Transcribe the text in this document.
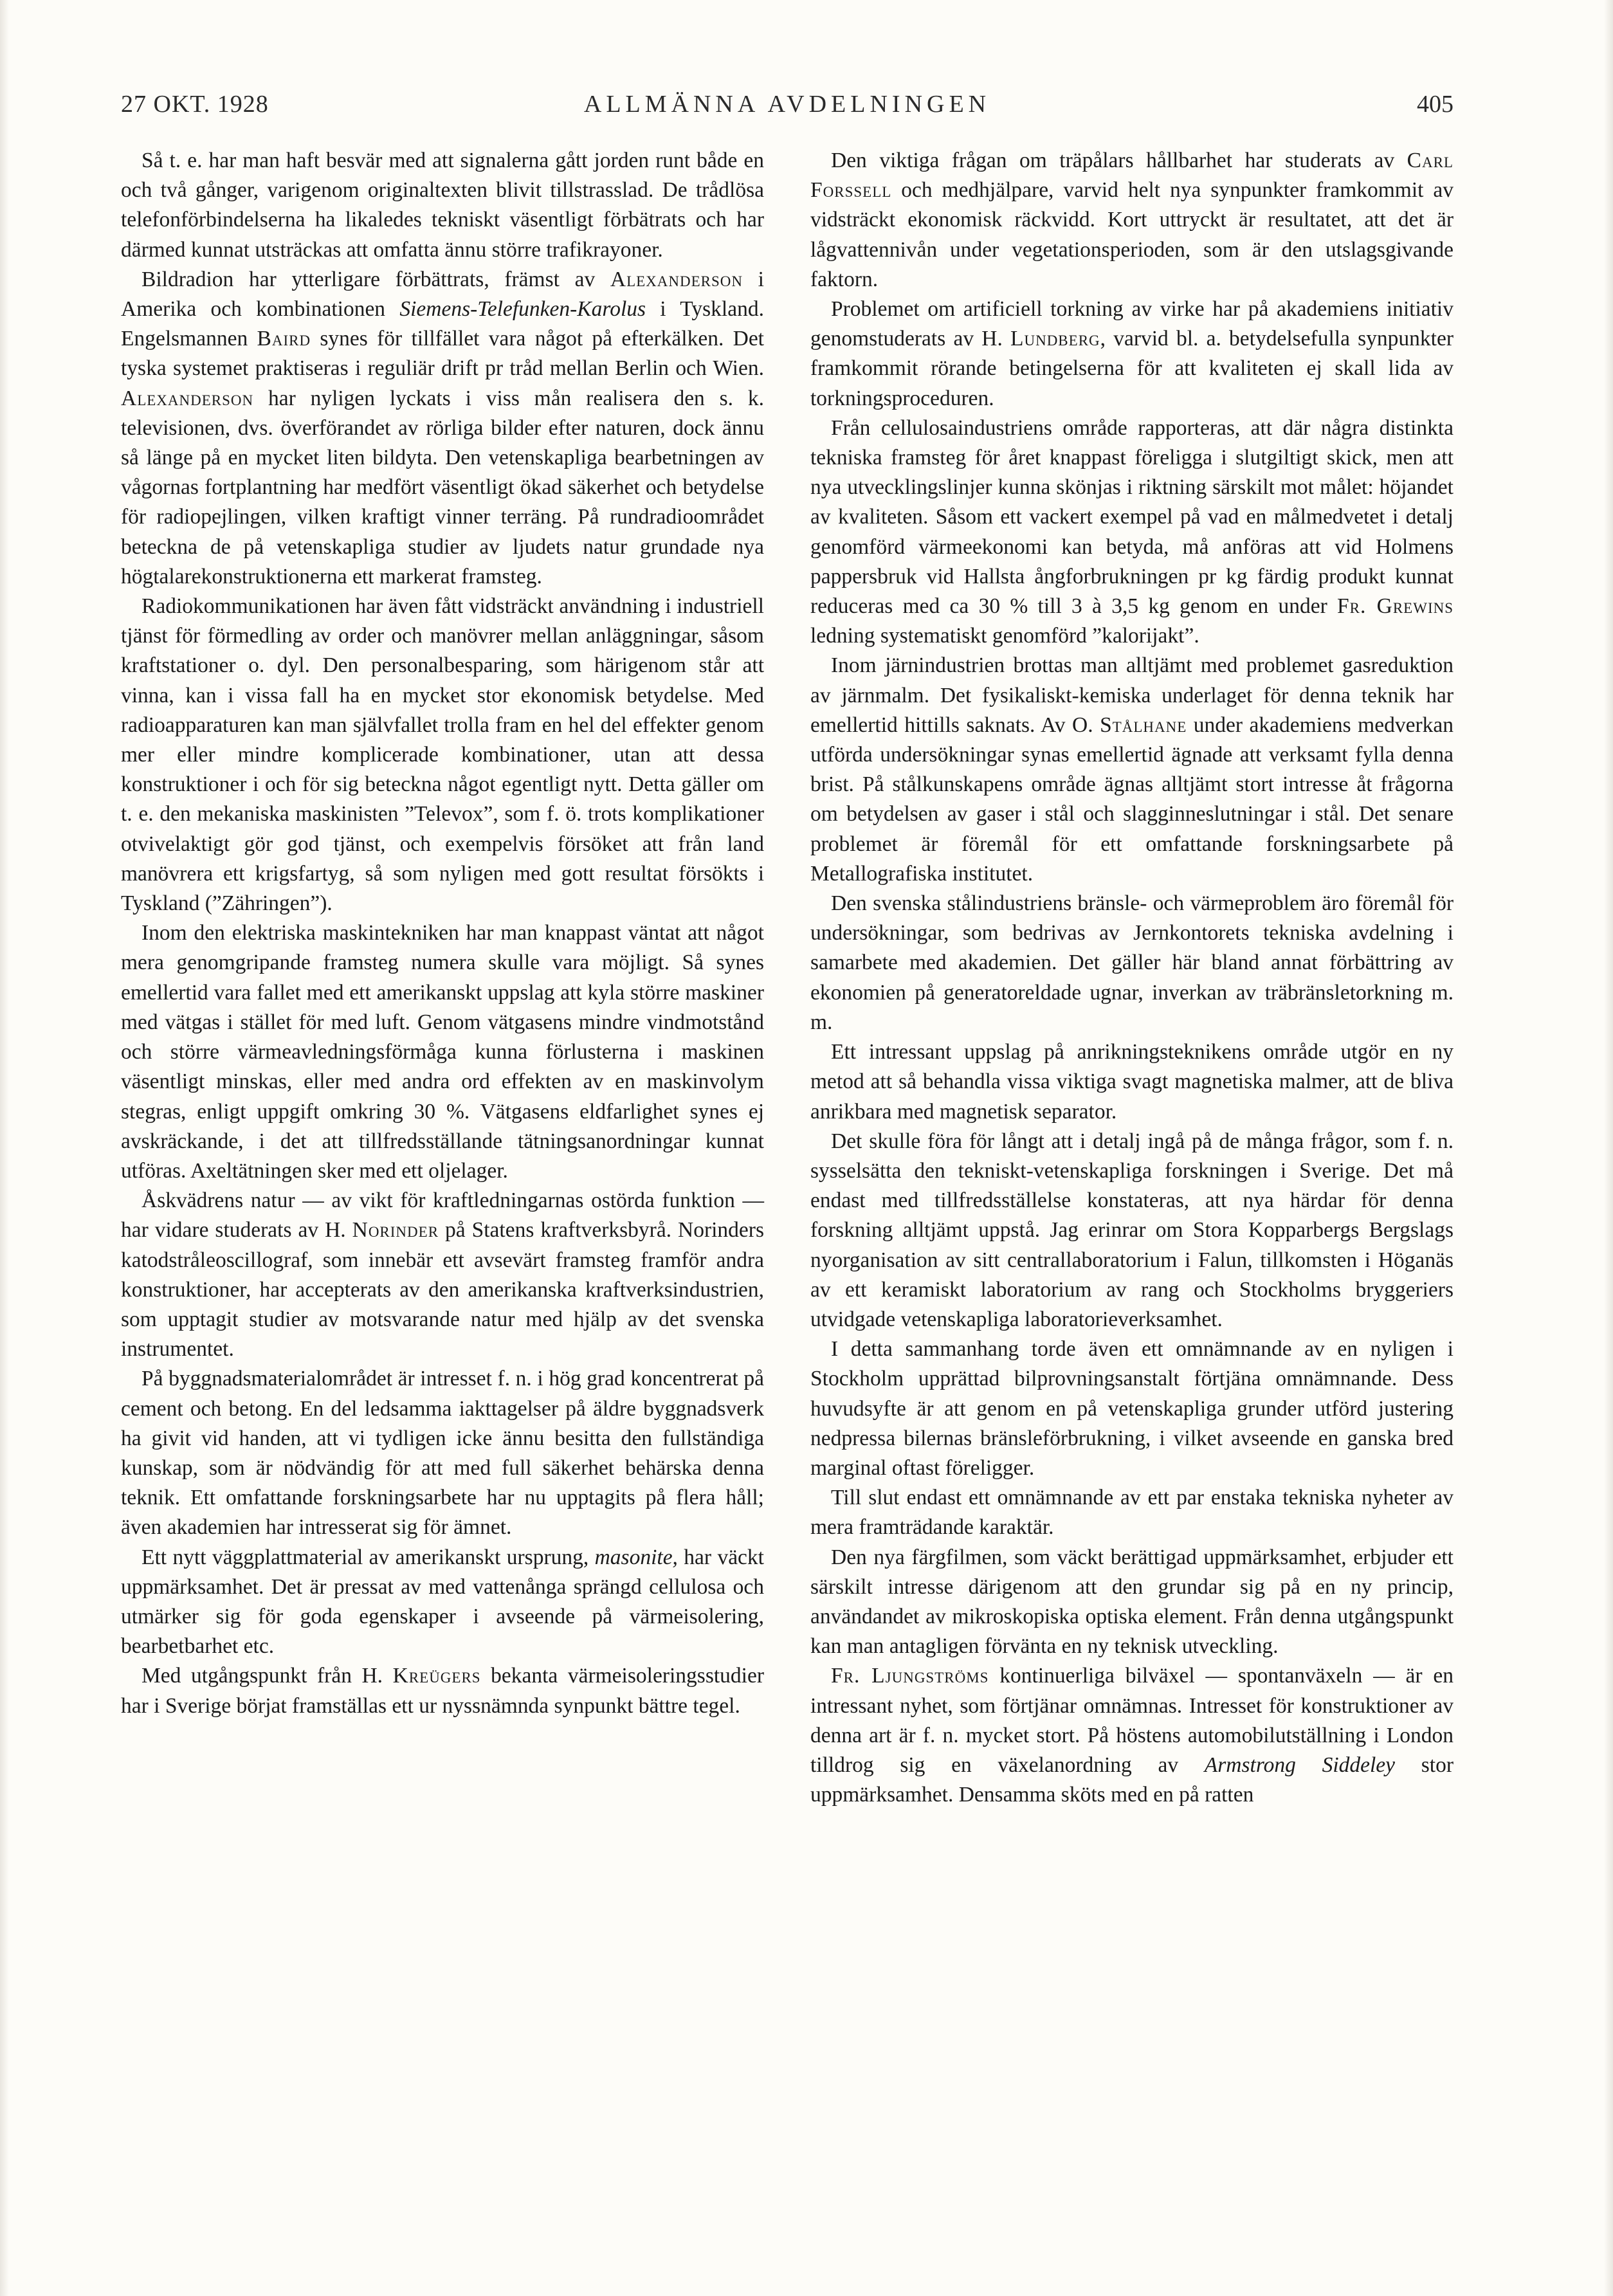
27 OKT. 1928	ALLMÄNNA AVDELNINGEN	405

Så t. e. har man haft besvär med att signalerna gått jorden runt både en och två gånger, varigenom originaltexten blivit tillstrasslad. De trådlösa telefonförbindelserna ha likaledes tekniskt väsentligt förbätrats och har därmed kunnat utsträckas att omfatta ännu större trafikrayoner.

Bildradion har ytterligare förbättrats, främst av Alexanderson i Amerika och kombinationen Siemens-Telefunken-Karolus i Tyskland. Engelsmannen Baird synes för tillfället vara något på efterkälken. Det tyska systemet praktiseras i reguliär drift pr tråd mellan Berlin och Wien. Alexanderson har nyligen lyckats i viss mån realisera den s. k. televisionen, dvs. överförandet av rörliga bilder efter naturen, dock ännu så länge på en mycket liten bildyta. Den vetenskapliga bearbetningen av vågornas fortplantning har medfört väsentligt ökad säkerhet och betydelse för radiopejlingen, vilken kraftigt vinner terräng. På rundradioområdet beteckna de på vetenskapliga studier av ljudets natur grundade nya högtalarekonstruktionerna ett markerat framsteg.

Radiokommunikationen har även fått vidsträckt användning i industriell tjänst för förmedling av order och manövrer mellan anläggningar, såsom kraftstationer o. dyl. Den personalbesparing, som härigenom står att vinna, kan i vissa fall ha en mycket stor ekonomisk betydelse. Med radioapparaturen kan man självfallet trolla fram en hel del effekter genom mer eller mindre komplicerade kombinationer, utan att dessa konstruktioner i och för sig beteckna något egentligt nytt. Detta gäller om t. e. den mekaniska maskinisten ”Televox”, som f. ö. trots komplikationer otvivelaktigt gör god tjänst, och exempelvis försöket att från land manövrera ett krigsfartyg, så som nyligen med gott resultat försökts i Tyskland (”Zähringen”).

Inom den elektriska maskintekniken har man knappast väntat att något mera genomgripande framsteg numera skulle vara möjligt. Så synes emellertid vara fallet med ett amerikanskt uppslag att kyla större maskiner med vätgas i stället för med luft. Genom vätgasens mindre vindmotstånd och större värmeavledningsförmåga kunna förlusterna i maskinen väsentligt minskas, eller med andra ord effekten av en maskinvolym stegras, enligt uppgift omkring 30 %. Vätgasens eldfarlighet synes ej avskräckande, i det att tillfredsställande tätningsanordningar kunnat utföras. Axeltätningen sker med ett oljelager.

Åskvädrens natur — av vikt för kraftledningarnas ostörda funktion — har vidare studerats av H. Norinder på Statens kraftverksbyrå. Norinders katodstråleoscillograf, som innebär ett avsevärt framsteg framför andra konstruktioner, har accepterats av den amerikanska kraftverksindustrien, som upptagit studier av motsvarande natur med hjälp av det svenska instrumentet.

På byggnadsmaterialområdet är intresset f. n. i hög grad koncentrerat på cement och betong. En del ledsamma iakttagelser på äldre byggnadsverk ha givit vid handen, att vi tydligen icke ännu besitta den fullständiga kunskap, som är nödvändig för att med full säkerhet behärska denna teknik. Ett omfattande forskningsarbete har nu upptagits på flera håll; även akademien har intresserat sig för ämnet.

Ett nytt väggplattmaterial av amerikanskt ursprung, masonite, har väckt uppmärksamhet. Det är pressat av med vattenånga sprängd cellulosa och utmärker sig för goda egenskaper i avseende på värmeisolering, bearbetbarhet etc.

Med utgångspunkt från H. Kreügers bekanta värmeisoleringsstudier har i Sverige börjat framställas ett ur nyssnämnda synpunkt bättre tegel.

Den viktiga frågan om träpålars hållbarhet har studerats av Carl Forssell och medhjälpare, varvid helt nya synpunkter framkommit av vidsträckt ekonomisk räckvidd. Kort uttryckt är resultatet, att det är lågvattennivån under vegetationsperioden, som är den utslagsgivande faktorn.

Problemet om artificiell torkning av virke har på akademiens initiativ genomstuderats av H. Lundberg, varvid bl. a. betydelsefulla synpunkter framkommit rörande betingelserna för att kvaliteten ej skall lida av torkningsproceduren.

Från cellulosaindustriens område rapporteras, att där några distinkta tekniska framsteg för året knappast föreligga i slutgiltigt skick, men att nya utvecklingslinjer kunna skönjas i riktning särskilt mot målet: höjandet av kvaliteten. Såsom ett vackert exempel på vad en målmedvetet i detalj genomförd värmeekonomi kan betyda, må anföras att vid Holmens pappersbruk vid Hallsta ångforbrukningen pr kg färdig produkt kunnat reduceras med ca 30 % till 3 à 3,5 kg genom en under Fr. Grewins ledning systematiskt genomförd ”kalorijakt”.

Inom järnindustrien brottas man alltjämt med problemet gasreduktion av järnmalm. Det fysikaliskt-kemiska underlaget för denna teknik har emellertid hittills saknats. Av O. Stålhane under akademiens medverkan utförda undersökningar synas emellertid ägnade att verksamt fylla denna brist. På stålkunskapens område ägnas alltjämt stort intresse åt frågorna om betydelsen av gaser i stål och slagginneslutningar i stål. Det senare problemet är föremål för ett omfattande forskningsarbete på Metallografiska institutet.

Den svenska stålindustriens bränsle- och värmeproblem äro föremål för undersökningar, som bedrivas av Jernkontorets tekniska avdelning i samarbete med akademien. Det gäller här bland annat förbättring av ekonomien på generatoreldade ugnar, inverkan av träbränsletorkning m. m.

Ett intressant uppslag på anrikningsteknikens område utgör en ny metod att så behandla vissa viktiga svagt magnetiska malmer, att de bliva anrikbara med magnetisk separator.

Det skulle föra för långt att i detalj ingå på de många frågor, som f. n. sysselsätta den tekniskt-vetenskapliga forskningen i Sverige. Det må endast med tillfredsställelse konstateras, att nya härdar för denna forskning alltjämt uppstå. Jag erinrar om Stora Kopparbergs Bergslags nyorganisation av sitt centrallaboratorium i Falun, tillkomsten i Höganäs av ett keramiskt laboratorium av rang och Stockholms bryggeriers utvidgade vetenskapliga laboratorieverksamhet.

I detta sammanhang torde även ett omnämnande av en nyligen i Stockholm upprättad bilprovningsanstalt förtjäna omnämnande. Dess huvudsyfte är att genom en på vetenskapliga grunder utförd justering nedpressa bilernas bränsleförbrukning, i vilket avseende en ganska bred marginal oftast föreligger.

Till slut endast ett omnämnande av ett par enstaka tekniska nyheter av mera framträdande karaktär.

Den nya färgfilmen, som väckt berättigad uppmärksamhet, erbjuder ett särskilt intresse därigenom att den grundar sig på en ny princip, användandet av mikroskopiska optiska element. Från denna utgångspunkt kan man antagligen förvänta en ny teknisk utveckling.

Fr. Ljungströms kontinuerliga bilväxel — spontanväxeln — är en intressant nyhet, som förtjänar omnämnas. Intresset för konstruktioner av denna art är f. n. mycket stort. På höstens automobilutställning i London tilldrog sig en växelanordning av Armstrong Siddeley stor uppmärksamhet. Densamma sköts med en på ratten
